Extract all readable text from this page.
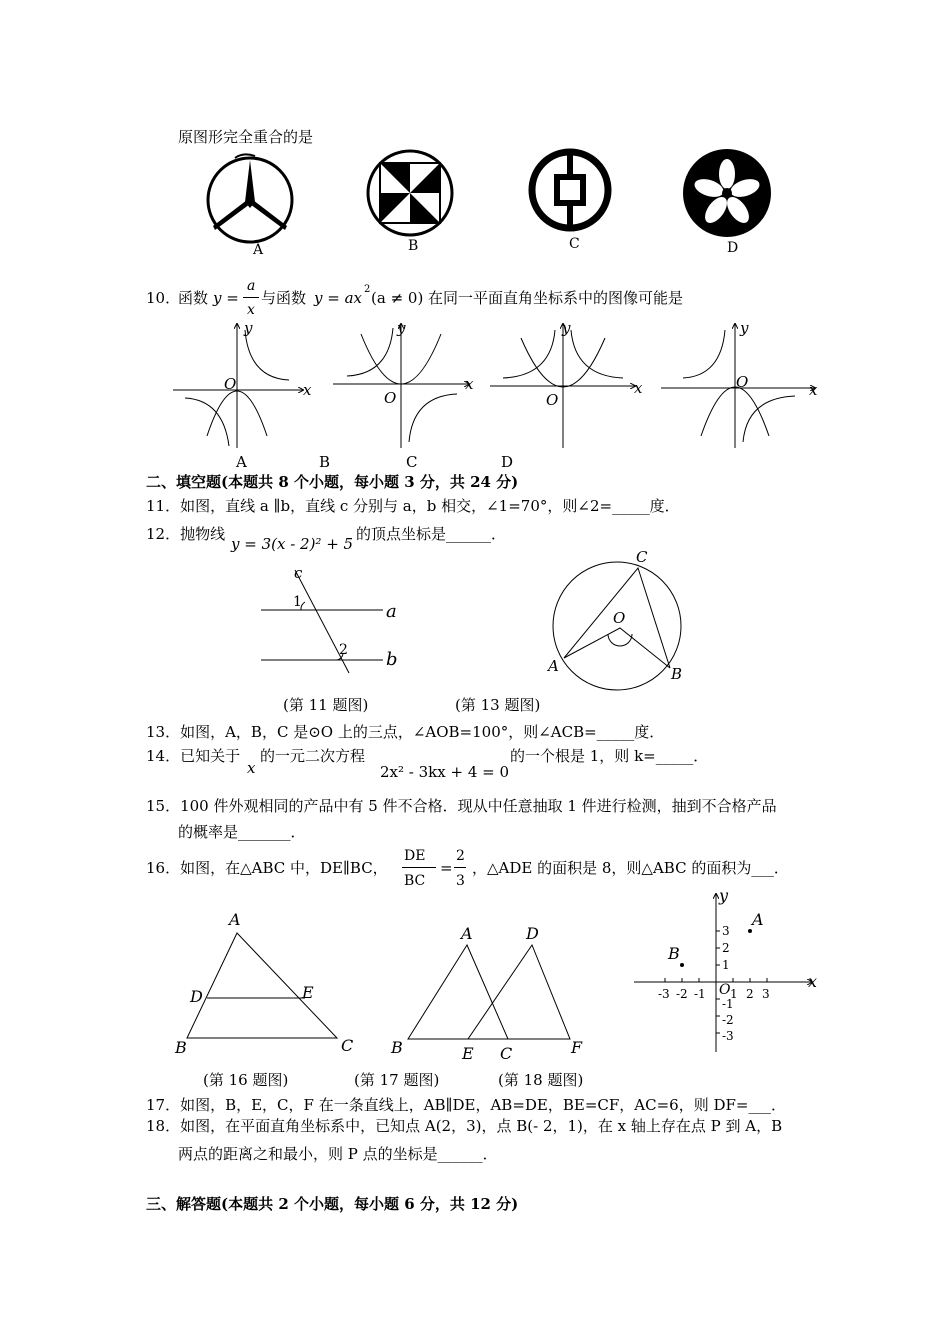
原图形完全重合的是
A	B	C	D
10．
函数 y =
a
x
与函数 y = ax 2 (a ≠ 0) 在同一平面直角坐标系中的图像可能是
y
x
O
y
x
O
y
x
O
y
x
O
A	B	C	D
二、填空题(本题共 8 个小题，每小题 3 分，共 24 分)
11．如图，直线 a ∥b，直线 c 分别与 a，b 相交，∠1=70°，则∠2=_____度．
12．抛物线
y = 3(x - 2)² + 5
的顶点坐标是______．
c
a
b
1
2
(第 11 题图)
C
O
A	B
(第 13 题图)
13．如图，A，B，C 是⊙O 上的三点，∠AOB=100°，则∠ACB=_____度．
14．已知关于
x
的一元二次方程
2x² - 3kx + 4 = 0
的一个根是 1，则 k=_____．
15．100 件外观相同的产品中有 5 件不合格．现从中任意抽取 1 件进行检测，抽到不合格产品
的概率是_______．
16．如图，在△ABC 中，DE∥BC，
DE
BC
=
2
3
，△ADE 的面积是 8，则△ABC 的面积为___．
A
D	E
B	C
(第 16 题图)
A	D
B	E C	F
(第 17 题图)
y
x
A
B
O
-3 -2 -1 1 2 3
3
2
1
-1
-2
-3
(第 18 题图)
17．如图，B，E，C，F 在一条直线上，AB∥DE，AB=DE，BE=CF，AC=6，则 DF=___．
18．如图，在平面直角坐标系中，已知点 A(2，3)，点 B(- 2，1)，在 x 轴上存在点 P 到 A，B
两点的距离之和最小，则 P 点的坐标是______．
三、解答题(本题共 2 个小题，每小题 6 分，共 12 分)
